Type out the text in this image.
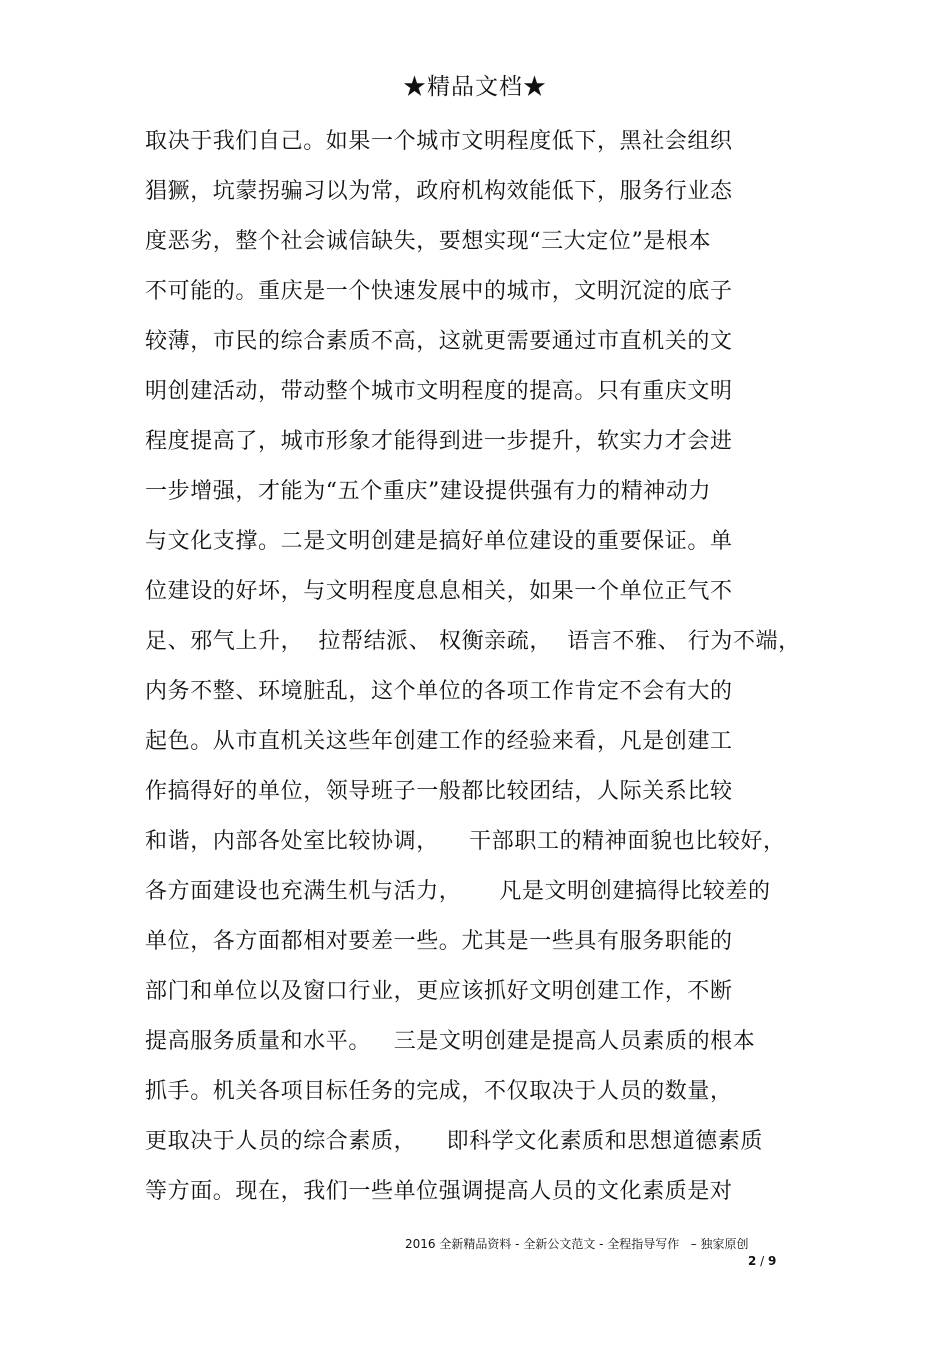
★精品文档★
取决于我们自己。如果一个城市文明程度低下，黑社会组织
猖獗，坑蒙拐骗习以为常，政府机构效能低下，服务行业态
度恶劣，整个社会诚信缺失，要想实现“三大定位”是根本
不可能的。重庆是一个快速发展中的城市，文明沉淀的底子
较薄，市民的综合素质不高，这就更需要通过市直机关的文
明创建活动，带动整个城市文明程度的提高。只有重庆文明
程度提高了，城市形象才能得到进一步提升，软实力才会进
一步增强，才能为“五个重庆”建设提供强有力的精神动力
与文化支撑。二是文明创建是搞好单位建设的重要保证。单
位建设的好坏，与文明程度息息相关，如果一个单位正气不
足、邪气上升，  拉帮结派、 权衡亲疏，  语言不雅、 行为不端，
内务不整、环境脏乱，这个单位的各项工作肯定不会有大的
起色。从市直机关这些年创建工作的经验来看，凡是创建工
作搞得好的单位，领导班子一般都比较团结，人际关系比较
和谐，内部各处室比较协调，    干部职工的精神面貌也比较好，
各方面建设也充满生机与活力，     凡是文明创建搞得比较差的
单位，各方面都相对要差一些。尤其是一些具有服务职能的
部门和单位以及窗口行业，更应该抓好文明创建工作，不断
提高服务质量和水平。   三是文明创建是提高人员素质的根本
抓手。机关各项目标任务的完成，不仅取决于人员的数量，
更取决于人员的综合素质，    即科学文化素质和思想道德素质
等方面。现在，我们一些单位强调提高人员的文化素质是对
2016 全新精品资料 - 全新公文范文 - 全程指导写作   – 独家原创
2 / 9
